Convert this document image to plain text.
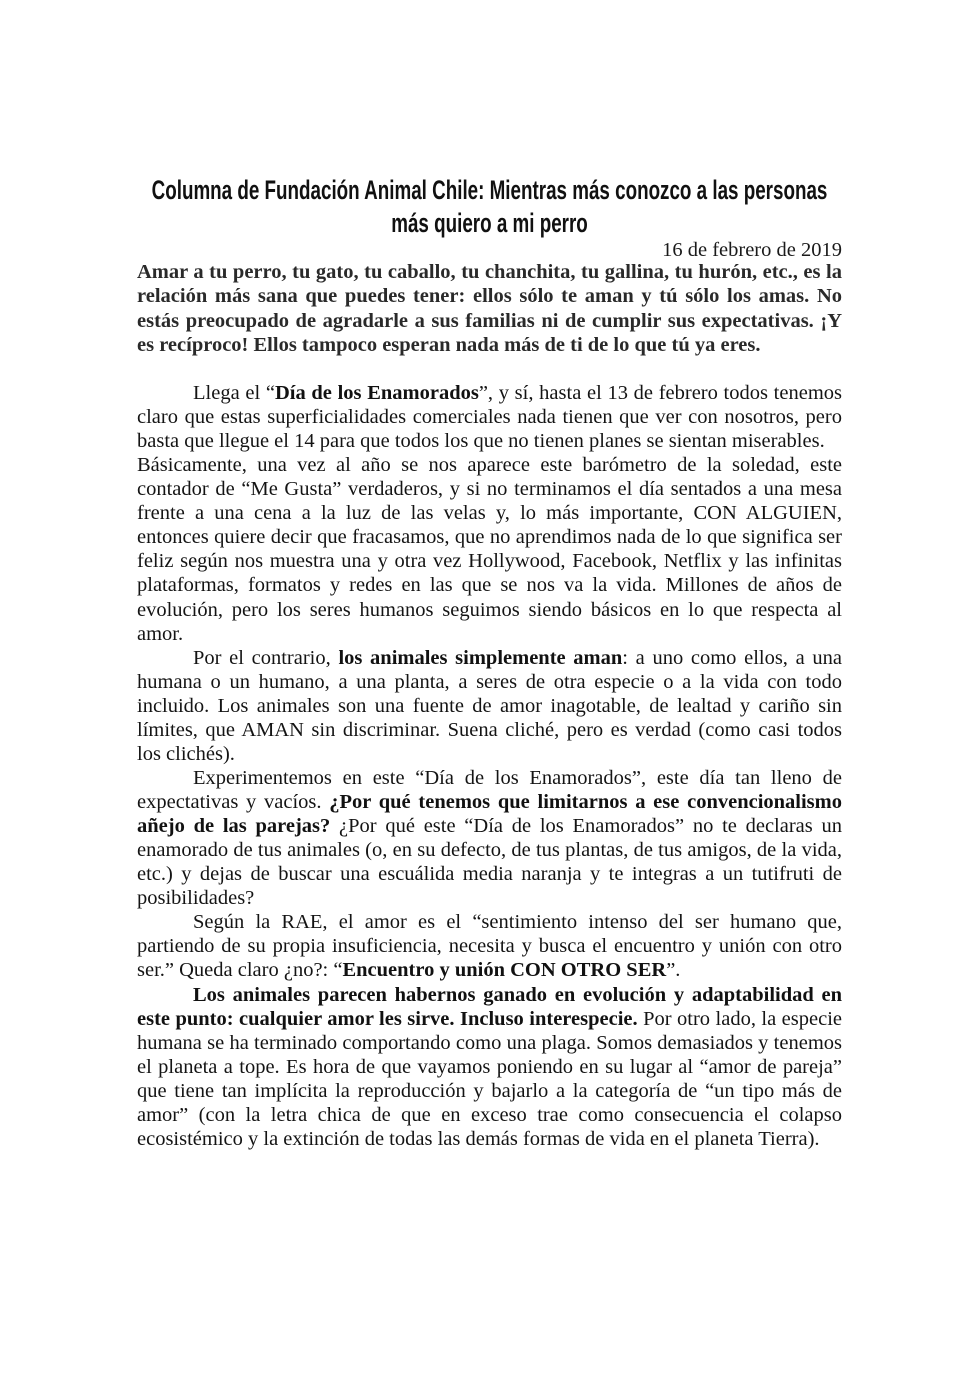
Columna de Fundación Animal Chile: Mientras más conozco a las personas
más quiero a mi perro
16 de febrero de 2019

Amar a tu perro, tu gato, tu caballo, tu chanchita, tu gallina, tu hurón, etc., es la relación más sana que puedes tener: ellos sólo te aman y tú sólo los amas. No estás preocupado de agradarle a sus familias ni de cumplir sus expectativas. ¡Y es recíproco! Ellos tampoco esperan nada más de ti de lo que tú ya eres.

Llega el “Día de los Enamorados”, y sí, hasta el 13 de febrero todos tenemos claro que estas superficialidades comerciales nada tienen que ver con nosotros, pero basta que llegue el 14 para que todos los que no tienen planes se sientan miserables.

Básicamente, una vez al año se nos aparece este barómetro de la soledad, este contador de “Me Gusta” verdaderos, y si no terminamos el día sentados a una mesa frente a una cena a la luz de las velas y, lo más importante, CON ALGUIEN, entonces quiere decir que fracasamos, que no aprendimos nada de lo que significa ser feliz según nos muestra una y otra vez Hollywood, Facebook, Netflix y las infinitas plataformas, formatos y redes en las que se nos va la vida. Millones de años de evolución, pero los seres humanos seguimos siendo básicos en lo que respecta al amor.

Por el contrario, los animales simplemente aman: a uno como ellos, a una humana o un humano, a una planta, a seres de otra especie o a la vida con todo incluido. Los animales son una fuente de amor inagotable, de lealtad y cariño sin límites, que AMAN sin discriminar. Suena cliché, pero es verdad (como casi todos los clichés).

Experimentemos en este “Día de los Enamorados”, este día tan lleno de expectativas y vacíos. ¿Por qué tenemos que limitarnos a ese convencionalismo añejo de las parejas? ¿Por qué este “Día de los Enamorados” no te declaras un enamorado de tus animales (o, en su defecto, de tus plantas, de tus amigos, de la vida, etc.) y dejas de buscar una escuálida media naranja y te integras a un tutifruti de posibilidades?

Según la RAE, el amor es el “sentimiento intenso del ser humano que, partiendo de su propia insuficiencia, necesita y busca el encuentro y unión con otro ser.” Queda claro ¿no?: “Encuentro y unión CON OTRO SER”.

Los animales parecen habernos ganado en evolución y adaptabilidad en este punto: cualquier amor les sirve. Incluso interespecie. Por otro lado, la especie humana se ha terminado comportando como una plaga. Somos demasiados y tenemos el planeta a tope. Es hora de que vayamos poniendo en su lugar al “amor de pareja” que tiene tan implícita la reproducción y bajarlo a la categoría de “un tipo más de amor” (con la letra chica de que en exceso trae como consecuencia el colapso ecosistémico y la extinción de todas las demás formas de vida en el planeta Tierra).
